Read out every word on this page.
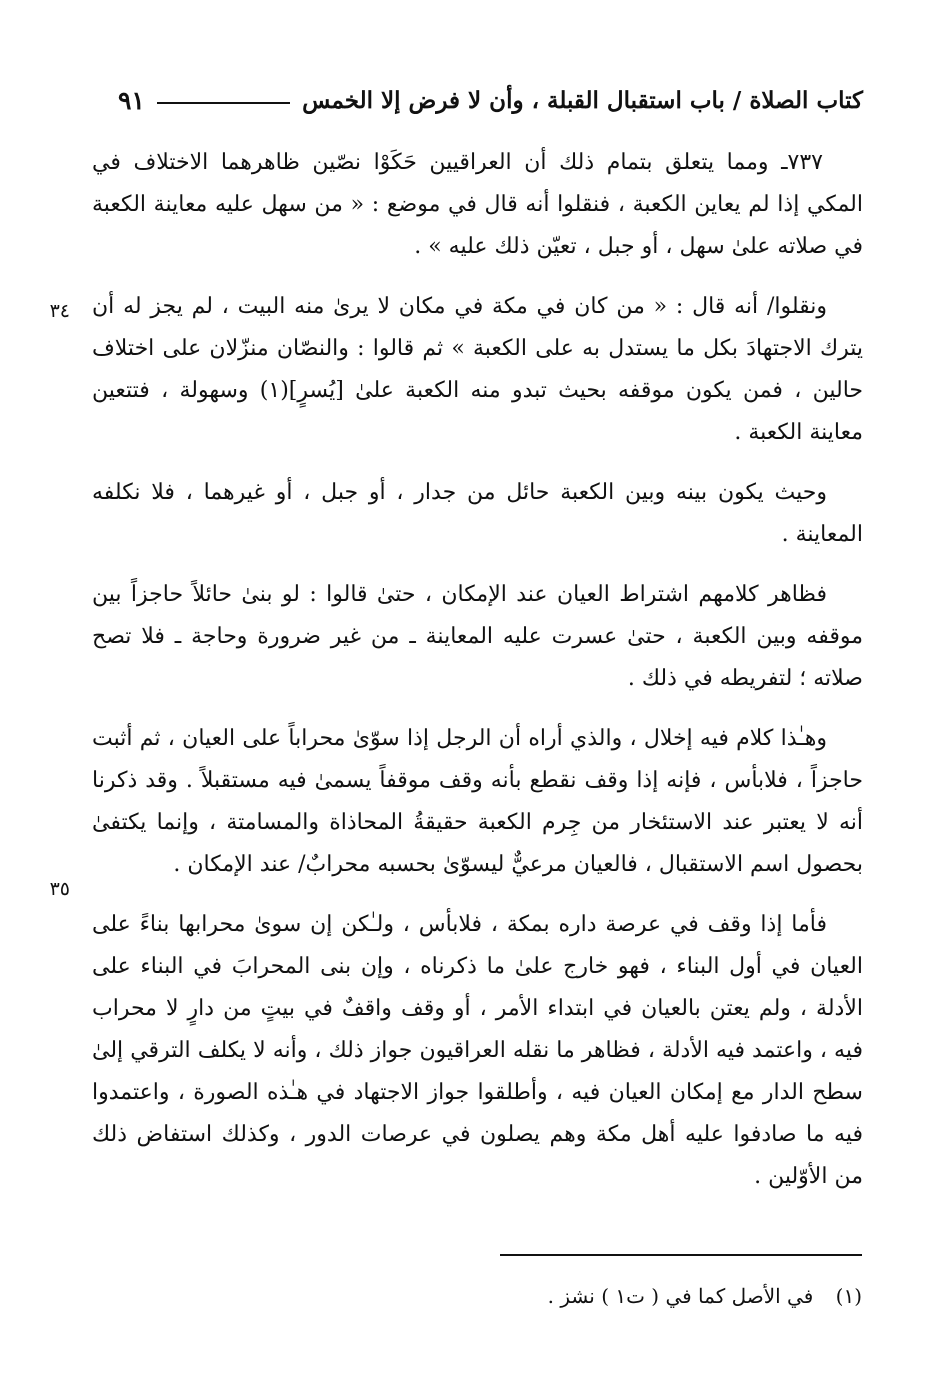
كتاب الصلاة / باب استقبال القبلة ، وأن لا فرض إلا الخمس
٩١
٣٤
٣٥

٧٣٧ـ ومما يتعلق بتمام ذلك أن العراقيين حَكَوْا نصّين ظاهرهما الاختلاف في المكي إذا لم يعاين الكعبة ، فنقلوا أنه قال في موضع : « من سهل عليه معاينة الكعبة في صلاته علىٰ سهل ، أو جبل ، تعيّن ذلك عليه » .

ونقلوا/ أنه قال : « من كان في مكة في مكان لا يرىٰ منه البيت ، لم يجز له أن يترك الاجتهادَ بكل ما يستدل به على الكعبة » ثم قالوا : والنصّان منزّلان على اختلاف حالين ، فمن يكون موقفه بحيث تبدو منه الكعبة علىٰ [يُسرٍ](١) وسهولة ، فتتعين معاينة الكعبة .

وحيث يكون بينه وبين الكعبة حائل من جدار ، أو جبل ، أو غيرهما ، فلا نكلفه المعاينة .

فظاهر كلامهم اشتراط العيان عند الإمكان ، حتىٰ قالوا : لو بنىٰ حائلاً حاجزاً بين موقفه وبين الكعبة ، حتىٰ عسرت عليه المعاينة ـ من غير ضرورة وحاجة ـ فلا تصح صلاته ؛ لتفريطه في ذلك .

وهـٰذا كلام فيه إخلال ، والذي أراه أن الرجل إذا سوّىٰ محراباً على العيان ، ثم أثبت حاجزاً ، فلابأس ، فإنه إذا وقف نقطع بأنه وقف موقفاً يسمىٰ فيه مستقبلاً . وقد ذكرنا أنه لا يعتبر عند الاستئخار من جِرم الكعبة حقيقةُ المحاذاة والمسامتة ، وإنما يكتفىٰ بحصول اسم الاستقبال ، فالعيان مرعيٌّ ليسوّىٰ بحسبه محرابٌ/ عند الإمكان .

فأما إذا وقف في عرصة داره بمكة ، فلابأس ، ولـٰكن إن سوىٰ محرابها بناءً على العيان في أول البناء ، فهو خارج علىٰ ما ذكرناه ، وإن بنى المحرابَ في البناء على الأدلة ، ولم يعتن بالعيان في ابتداء الأمر ، أو وقف واقفٌ في بيتٍ من دارٍ لا محراب فيه ، واعتمد فيه الأدلة ، فظاهر ما نقله العراقيون جواز ذلك ، وأنه لا يكلف الترقي إلىٰ سطح الدار مع إمكان العيان فيه ، وأطلقوا جواز الاجتهاد في هـٰذه الصورة ، واعتمدوا فيه ما صادفوا عليه أهل مكة وهم يصلون في عرصات الدور ، وكذلك استفاض ذلك من الأوّلين .

(١) في الأصل كما في ( ت١ ) نشز .
